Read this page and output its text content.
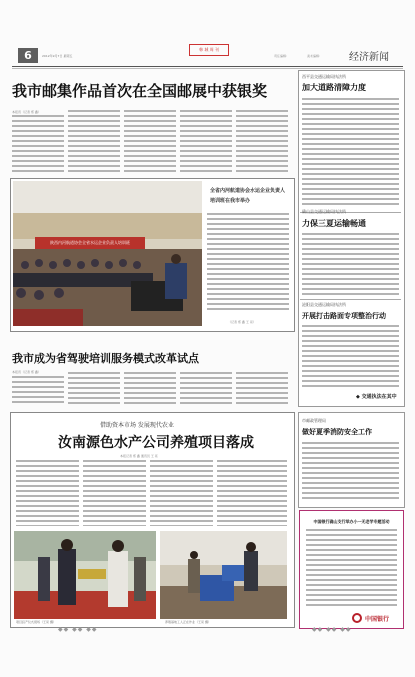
6	2012年9月7日 星期五
韩 城 周 刊
责任编辑：	美术编辑：	经济新闻
我市邮集作品首次在全国邮展中获银奖
本报讯（记者 郑 鑫）
陕西内河航道协会全省水运企业负责人培训班
全省内河航道协会水运企业负责人培训班在我市举办
（记者 郑 鑫 王 亮）
我市成为省驾驶培训服务模式改革试点
本报讯（记者 郑 鑫）
借助资本市场 发展现代农业
汝南源色水产公司养殖项目落成
本报记者 郑 鑫 通讯员 王 亮
项目投产仪式现场（王亮 摄）	养殖基地工人正在作业（王亮 摄）
西平县交通运输局执法所
加大道路清障力度
确山县交通运输局执法所
力保三夏运输畅通
泌阳县交通运输局执法所
开展打击路面专项整治行动
◆ 交通执法在其中
市邮政管理局
做好夏季消防安全工作
中国银行确山支行举办小一无老学专题活动
中国银行
◆◆ ◆◆ ◆◆	◆◆ ◆◆ ◆◆
